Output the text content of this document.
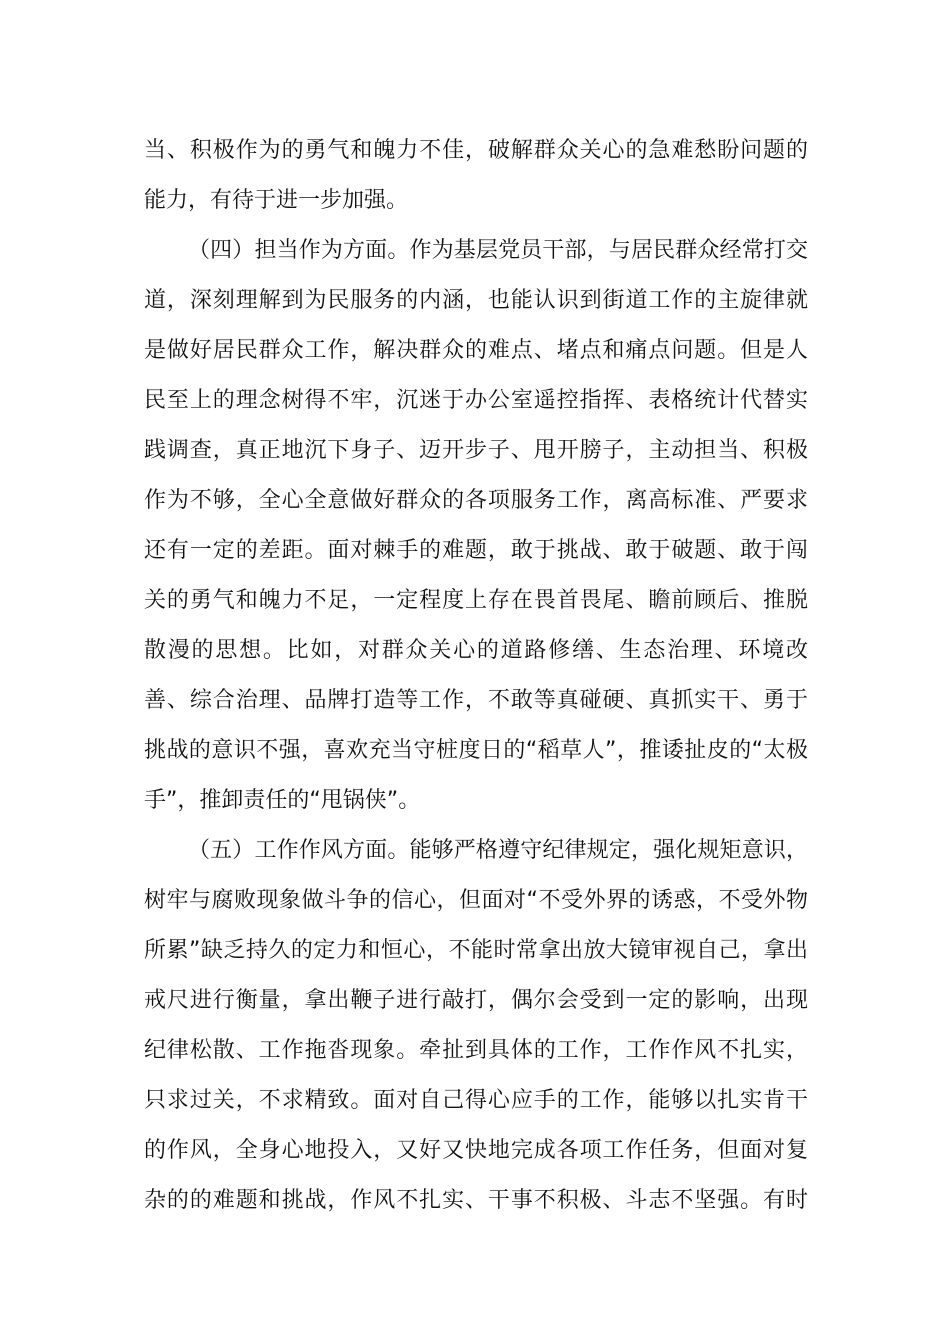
当、积极作为的勇气和魄力不佳，破解群众关心的急难愁盼问题的
能力，有待于进一步加强。
（四）担当作为方面。作为基层党员干部，与居民群众经常打交
道，深刻理解到为民服务的内涵，也能认识到街道工作的主旋律就
是做好居民群众工作，解决群众的难点、堵点和痛点问题。但是人
民至上的理念树得不牢，沉迷于办公室遥控指挥、表格统计代替实
践调查，真正地沉下身子、迈开步子、甩开膀子，主动担当、积极
作为不够，全心全意做好群众的各项服务工作，离高标准、严要求
还有一定的差距。面对棘手的难题，敢于挑战、敢于破题、敢于闯
关的勇气和魄力不足，一定程度上存在畏首畏尾、瞻前顾后、推脱
散漫的思想。比如，对群众关心的道路修缮、生态治理、环境改
善、综合治理、品牌打造等工作，不敢等真碰硬、真抓实干、勇于
挑战的意识不强，喜欢充当守桩度日的“稻草人”，推诿扯皮的“太极
手”，推卸责任的“甩锅侠”。
（五）工作作风方面。能够严格遵守纪律规定，强化规矩意识，
树牢与腐败现象做斗争的信心，但面对“不受外界的诱惑，不受外物
所累”缺乏持久的定力和恒心，不能时常拿出放大镜审视自己，拿出
戒尺进行衡量，拿出鞭子进行敲打，偶尔会受到一定的影响，出现
纪律松散、工作拖沓现象。牵扯到具体的工作，工作作风不扎实，
只求过关，不求精致。面对自己得心应手的工作，能够以扎实肯干
的作风，全身心地投入，又好又快地完成各项工作任务，但面对复
杂的的难题和挑战，作风不扎实、干事不积极、斗志不坚强。有时
